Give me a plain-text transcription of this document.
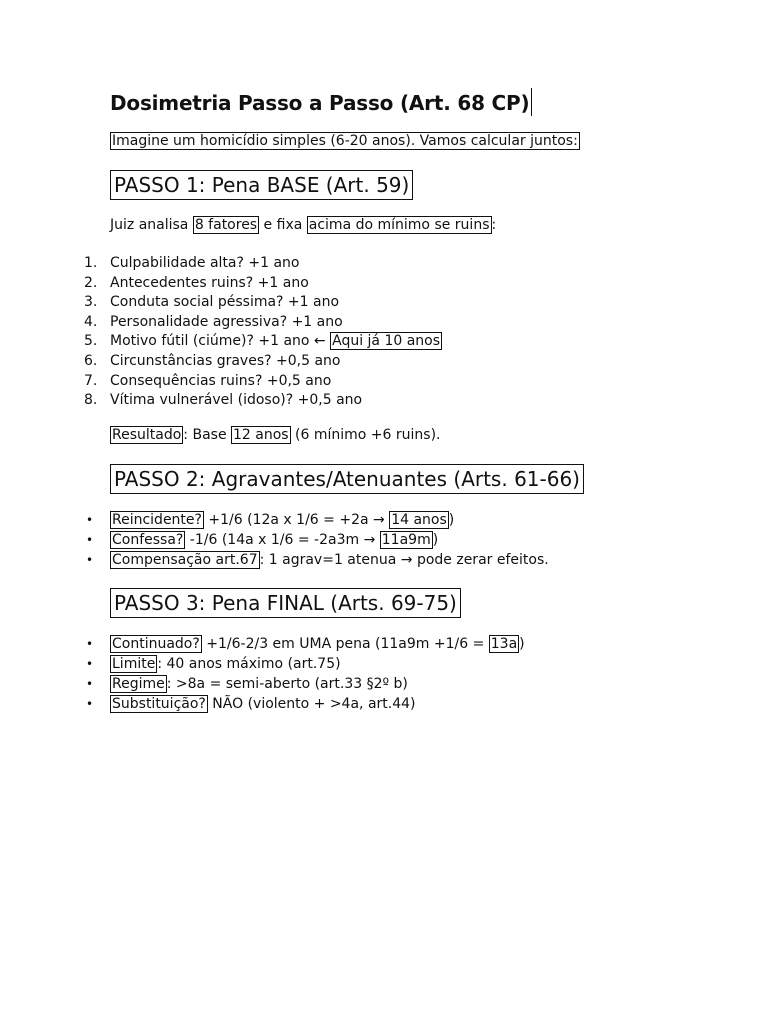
Dosimetria Passo a Passo (Art. 68 CP)
Imagine um homicídio simples (6-20 anos). Vamos calcular juntos:
PASSO 1: Pena BASE (Art. 59)
Juiz analisa 8 fatores e fixa acima do mínimo se ruins :
1. Culpabilidade alta? +1 ano
2. Antecedentes ruins? +1 ano
3. Conduta social péssima? +1 ano
4. Personalidade agressiva? +1 ano
5. Motivo fútil (ciúme)? +1 ano ← Aqui já 10 anos
6. Circunstâncias graves? +0,5 ano
7. Consequências ruins? +0,5 ano
8. Vítima vulnerável (idoso)? +0,5 ano
Resultado : Base 12 anos (6 mínimo +6 ruins).
PASSO 2: Agravantes/Atenuantes (Arts. 61-66)
• Reincidente? +1/6 (12a x 1/6 = +2a → 14 anos )
• Confessa? -1/6 (14a x 1/6 = -2a3m → 11a9m )
• Compensação art.67 : 1 agrav=1 atenua → pode zerar efeitos.
PASSO 3: Pena FINAL (Arts. 69-75)
• Continuado? +1/6-2/3 em UMA pena (11a9m +1/6 = 13a )
• Limite : 40 anos máximo (art.75)
• Regime : >8a = semi-aberto (art.33 §2º b)
• Substituição? NÃO (violento + >4a, art.44)
